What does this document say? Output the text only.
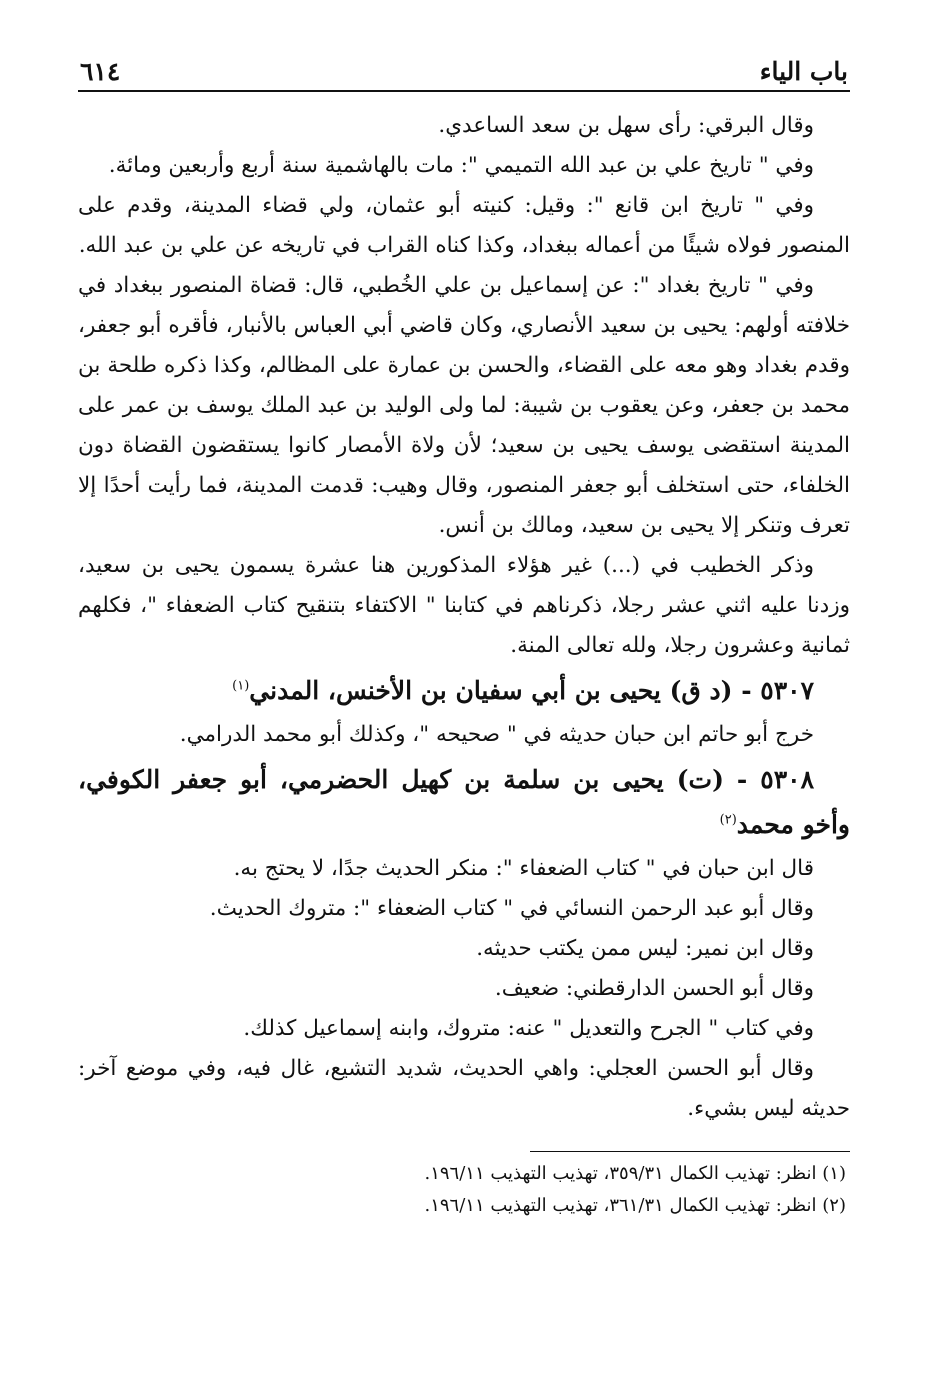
باب الياء
٦١٤

وقال البرقي: رأى سهل بن سعد الساعدي.

وفي " تاريخ علي بن عبد الله التميمي ": مات بالهاشمية سنة أربع وأربعين ومائة.

وفي " تاريخ ابن قانع ": وقيل: كنيته أبو عثمان، ولي قضاء المدينة، وقدم على المنصور فولاه شيئًا من أعماله ببغداد، وكذا كناه القراب في تاريخه عن علي بن عبد الله.

وفي " تاريخ بغداد ": عن إسماعيل بن علي الخُطبي، قال: قضاة المنصور ببغداد في خلافته أولهم: يحيى بن سعيد الأنصاري، وكان قاضي أبي العباس بالأنبار، فأقره أبو جعفر، وقدم بغداد وهو معه على القضاء، والحسن بن عمارة على المظالم، وكذا ذكره طلحة بن محمد بن جعفر، وعن يعقوب بن شيبة: لما ولى الوليد بن عبد الملك يوسف بن عمر على المدينة استقضى يوسف يحيى بن سعيد؛ لأن ولاة الأمصار كانوا يستقضون القضاة دون الخلفاء، حتى استخلف أبو جعفر المنصور، وقال وهيب: قدمت المدينة، فما رأيت أحدًا إلا تعرف وتنكر إلا يحيى بن سعيد، ومالك بن أنس.

وذكر الخطيب في (...) غير هؤلاء المذكورين هنا عشرة يسمون يحيى بن سعيد، وزدنا عليه اثني عشر رجلا، ذكرناهم في كتابنا " الاكتفاء بتنقيح كتاب الضعفاء "، فكلهم ثمانية وعشرون رجلا، ولله تعالى المنة.

٥٣٠٧ - (د ق) يحيى بن أبي سفيان بن الأخنس، المدني$^{(١)}$

خرج أبو حاتم ابن حبان حديثه في " صحيحه "، وكذلك أبو محمد الدرامي.

٥٣٠٨ - (ت) يحيى بن سلمة بن كهيل الحضرمي، أبو جعفر الكوفي، وأخو محمد$^{(٢)}$

قال ابن حبان في " كتاب الضعفاء ": منكر الحديث جدًا، لا يحتج به.

وقال أبو عبد الرحمن النسائي في " كتاب الضعفاء ": متروك الحديث.

وقال ابن نمير: ليس ممن يكتب حديثه.

وقال أبو الحسن الدارقطني: ضعيف.

وفي كتاب " الجرح والتعديل " عنه: متروك، وابنه إسماعيل كذلك.

وقال أبو الحسن العجلي: واهي الحديث، شديد التشيع، غال فيه، وفي موضع آخر: حديثه ليس بشيء.

(١) انظر: تهذيب الكمال ٣٥٩/٣١، تهذيب التهذيب ١٩٦/١١.

(٢) انظر: تهذيب الكمال ٣٦١/٣١، تهذيب التهذيب ١٩٦/١١.
